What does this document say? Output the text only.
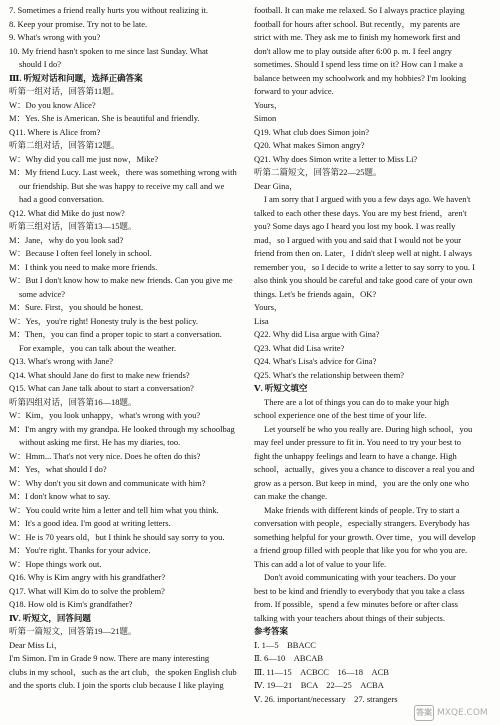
7. Sometimes a friend really hurts you without realizing it.
8. Keep your promise. Try not to be late.
9. What's wrong with you?
10. My friend hasn't spoken to me since last Sunday. What
should I do?
Ⅲ. 听短对话和问题，选择正确答案
听第一组对话，回答第11题。
W：Do you know Alice?
M：Yes. She is American. She is beautiful and friendly.
Q11. Where is Alice from?
听第二组对话，回答第12题。
W：Why did you call me just now，Mike?
M：My friend Lucy. Last week，there was something wrong with
our friendship. But she was happy to receive my call and we
had a good conversation.
Q12. What did Mike do just now?
听第三组对话，回答第13—15题。
M：Jane，why do you look sad?
W：Because I often feel lonely in school.
M：I think you need to make more friends.
W：But I don't know how to make new friends. Can you give me
some advice?
M：Sure. First，you should be honest.
W：Yes，you're right! Honesty truly is the best policy.
M：Then，you can find a proper topic to start a conversation.
For example，you can talk about the weather.
Q13. What's wrong with Jane?
Q14. What should Jane do first to make new friends?
Q15. What can Jane talk about to start a conversation?
听第四组对话，回答第16—18题。
W：Kim，you look unhappy，what's wrong with you?
M：I'm angry with my grandpa. He looked through my schoolbag
without asking me first. He has my diaries, too.
W：Hmm... That's not very nice. Does he often do this?
M：Yes，what should I do?
W：Why don't you sit down and communicate with him?
M：I don't know what to say.
W：You could write him a letter and tell him what you think.
M：It's a good idea. I'm good at writing letters.
W：He is 70 years old，but I think he should say sorry to you.
M：You're right. Thanks for your advice.
W：Hope things work out.
Q16. Why is Kim angry with his grandfather?
Q17. What will Kim do to solve the problem?
Q18. How old is Kim's grandfather?
Ⅳ. 听短文，回答问题
听第一篇短文，回答第19—21题。
Dear Miss Li，
I'm Simon. I'm in Grade 9 now. There are many interesting
clubs in my school，such as the art club，the spoken English club
and the sports club. I join the sports club because I like playing
football. It can make me relaxed. So I always practice playing
football for hours after school. But recently，my parents are
strict with me. They ask me to finish my homework first and
don't allow me to play outside after 6:00 p. m. I feel angry
sometimes. Should I spend less time on it? How can I make a
balance between my schoolwork and my hobbies? I'm looking
forward to your advice.
Yours，
Simon
Q19. What club does Simon join?
Q20. What makes Simon angry?
Q21. Why does Simon write a letter to Miss Li?
听第二篇短文，回答第22—25题。
Dear Gina，
I am sorry that I argued with you a few days ago. We haven't
talked to each other these days. You are my best friend，aren't
you? Some days ago I heard you lost my book. I was really
mad，so I argued with you and said that I would not be your
friend from then on. Later，I didn't sleep well at night. I always
remember you，so I decide to write a letter to say sorry to you. I
also think you should be careful and take good care of your own
things. Let's be friends again，OK?
Yours，
Lisa
Q22. Why did Lisa argue with Gina?
Q23. What did Lisa write?
Q24. What's Lisa's advice for Gina?
Q25. What's the relationship between them?
Ⅴ. 听短文填空
There are a lot of things you can do to make your high
school experience one of the best time of your life.
Let yourself be who you really are. During high school，you
may feel under pressure to fit in. You need to try your best to
fight the unhappy feelings and learn to have a change. High
school，actually，gives you a chance to discover a real you and
grow as a person. But keep in mind，you are the only one who
can make the change.
Make friends with different kinds of people. Try to start a
conversation with people，especially strangers. Everybody has
something helpful for your growth. Over time，you will develop
a friend group filled with people that like you for who you are.
This can add a lot of value to your life.
Don't avoid communicating with your teachers. Do your
best to be kind and friendly to everybody that you take a class
from. If possible，spend a few minutes before or after class
talking with your teachers about things of their subjects.
参考答案
Ⅰ. 1—5　BBACC
Ⅱ. 6—10　ABCAB
Ⅲ. 11—15　ACBCC　16—18　ACB
Ⅳ. 19—21　BCA　22—25　ACBA
Ⅴ. 26. important/necessary　27. strangers
答案 MXQE.COM
